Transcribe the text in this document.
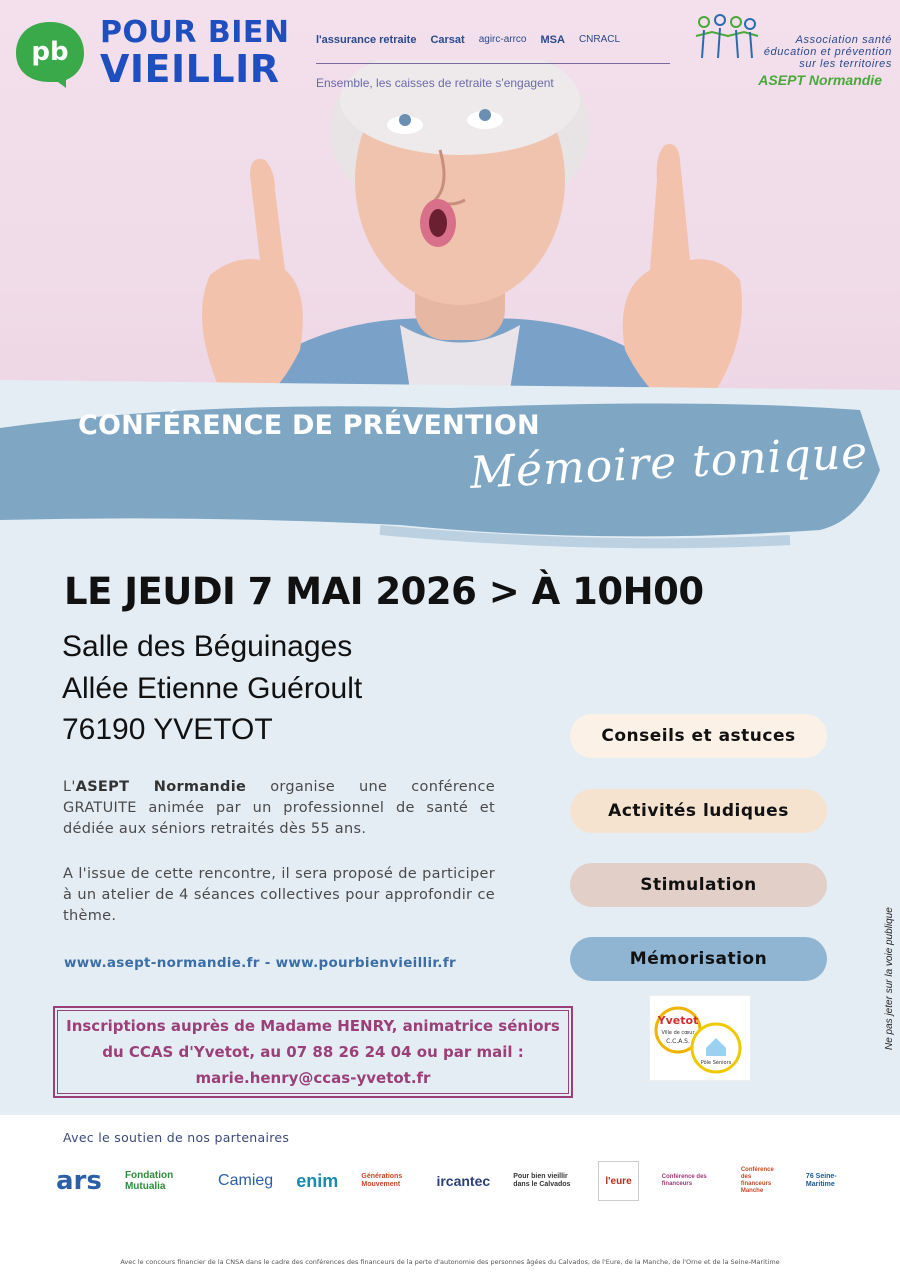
pb
POUR BIEN
VIEILLIR
l'assurance retraite Carsat agirc-arrco MSA CNRACL
Ensemble, les caisses de retraite s'engagent
Association santé
éducation et prévention
sur les territoires
ASEPT Normandie
CONFÉRENCE DE PRÉVENTION
Mémoire tonique
LE JEUDI 7 MAI 2026 > À 10H00
Salle des Béguinages
Allée Etienne Guéroult
76190 YVETOT
L'ASEPT Normandie organise une conférence GRATUITE animée par un professionnel de santé et dédiée aux séniors retraités dès 55 ans.
A l'issue de cette rencontre, il sera proposé de participer à un atelier de 4 séances collectives pour approfondir ce thème.
www.asept-normandie.fr - www.pourbienvieillir.fr
Conseils et astuces
Activités ludiques
Stimulation
Mémorisation
Inscriptions auprès de Madame HENRY, animatrice séniors du CCAS d'Yvetot, au 07 88 26 24 04 ou par mail : marie.henry@ccas-yvetot.fr
Yvetot
Ville de cœur
C.C.A.S.
Pôle Séniors
Ne pas jeter sur la voie publique
Avec le soutien de nos partenaires
ars Fondation Mutualia	Camieg enim	Générations Mouvement	ircantec	Pour bien vieillir dans le Calvados	l'eure	Conférence des financeurs
Conférence des financeurs Manche
76 Seine-Maritime
Avec le concours financier de la CNSA dans le cadre des conférences des financeurs de la perte d'autonomie des personnes âgées du Calvados, de l'Eure, de la Manche, de l'Orne et de la Seine-Maritime
